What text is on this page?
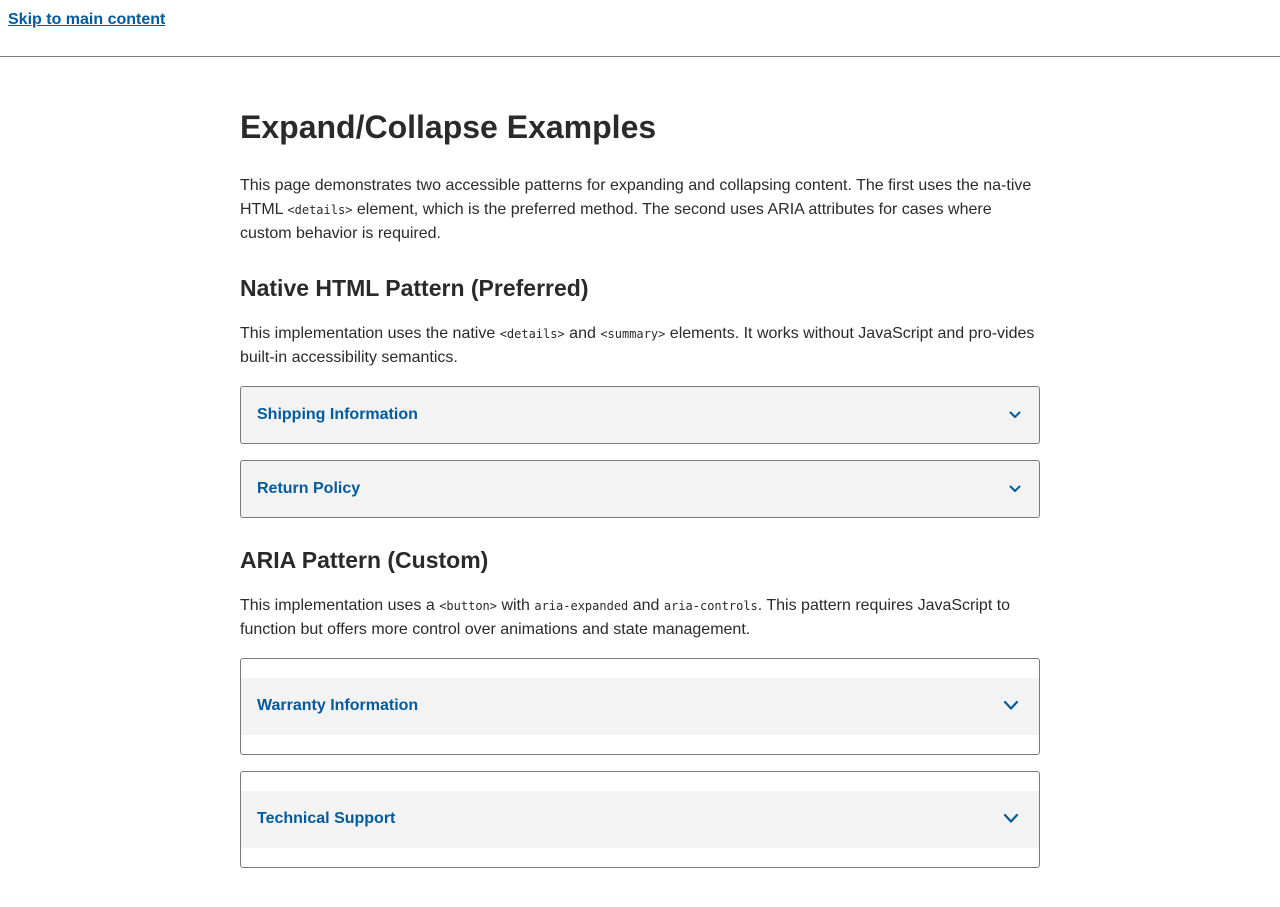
Skip to main content
Expand/Collapse Examples

This page demonstrates two accessible patterns for expanding and collapsing content. The first uses the na-tive HTML <details> element, which is the preferred method. The second uses ARIA attributes for cases where custom behavior is required.

Native HTML Pattern (Preferred)

This implementation uses the native <details> and <summary> elements. It works without JavaScript and pro-vides built-in accessibility semantics.

Shipping Information
Return Policy
ARIA Pattern (Custom)

This implementation uses a <button> with aria-expanded and aria-controls. This pattern requires JavaScript to function but offers more control over animations and state management.

Warranty Information
Technical Support
